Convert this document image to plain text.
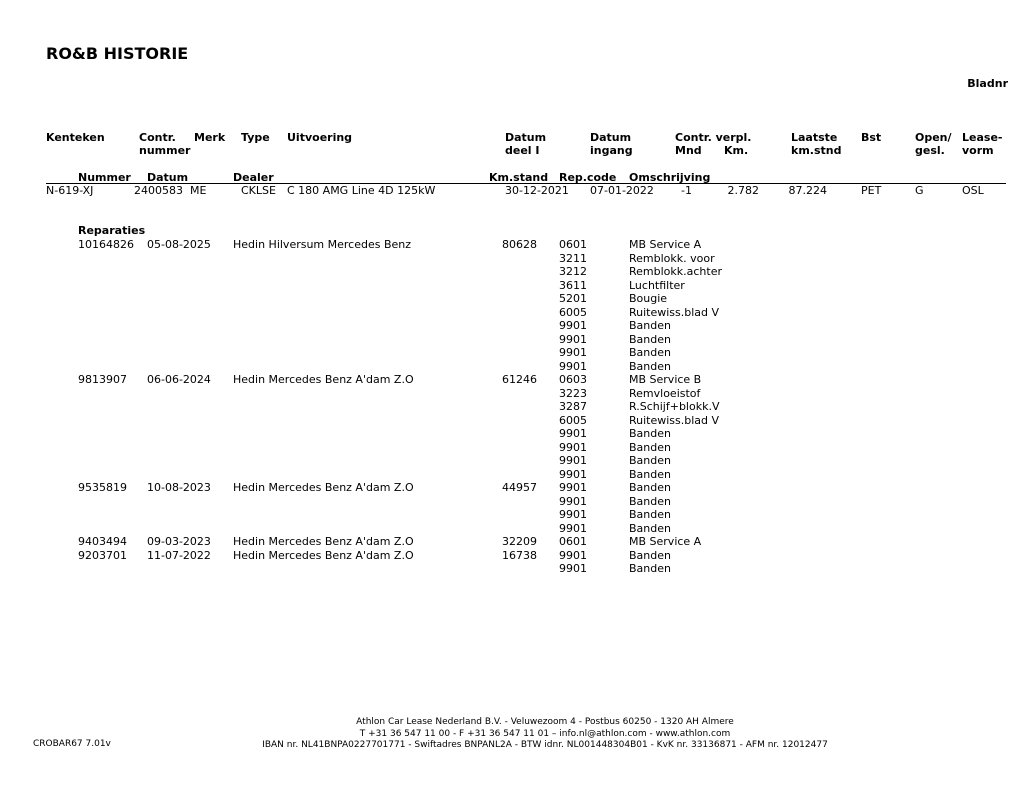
RO&B HISTORIE
Bladnr
Kenteken	Contr.
nummer
Merk Type Uitvoering	Datum
deel I
Datum
ingang
Contr. verpl.
Mnd Km.
Laatste
km.stnd
Bst	Open/
gesl.
Lease-
vorm
Nummer Datum	Dealer	Km.stand Rep.code Omschrijving
N-619-XJ	2400583 ME	CKLSE C 180 AMG Line 4D 125kW	30-12-2021 07-01-2022 -1	2.782	87.224	PET	G	OSL
Reparaties
10164826 05-08-2025 Hedin Hilversum Mercedes Benz	80628 0601	MB Service A
3211	Remblokk. voor
3212	Remblokk.achter
3611	Luchtfilter
5201	Bougie
6005	Ruitewiss.blad V
9901	Banden
9901	Banden
9901	Banden
9901	Banden
9813907 06-06-2024 Hedin Mercedes Benz A'dam Z.O	61246 0603	MB Service B
3223	Remvloeistof
3287	R.Schijf+blokk.V
6005	Ruitewiss.blad V
9901	Banden
9901	Banden
9901	Banden
9901	Banden
9535819 10-08-2023 Hedin Mercedes Benz A'dam Z.O	44957 9901	Banden
9901	Banden
9901	Banden
9901	Banden
9403494 09-03-2023 Hedin Mercedes Benz A'dam Z.O	32209 0601	MB Service A
9203701 11-07-2022 Hedin Mercedes Benz A'dam Z.O	16738 9901	Banden
9901	Banden
CROBAR67 7.01v
Athlon Car Lease Nederland B.V. - Veluwezoom 4 - Postbus 60250 - 1320 AH Almere
T +31 36 547 11 00 - F +31 36 547 11 01 – info.nl@athlon.com - www.athlon.com
IBAN nr. NL41BNPA0227701771 - Swiftadres BNPANL2A - BTW idnr. NL001448304B01 - KvK nr. 33136871 - AFM nr. 12012477
